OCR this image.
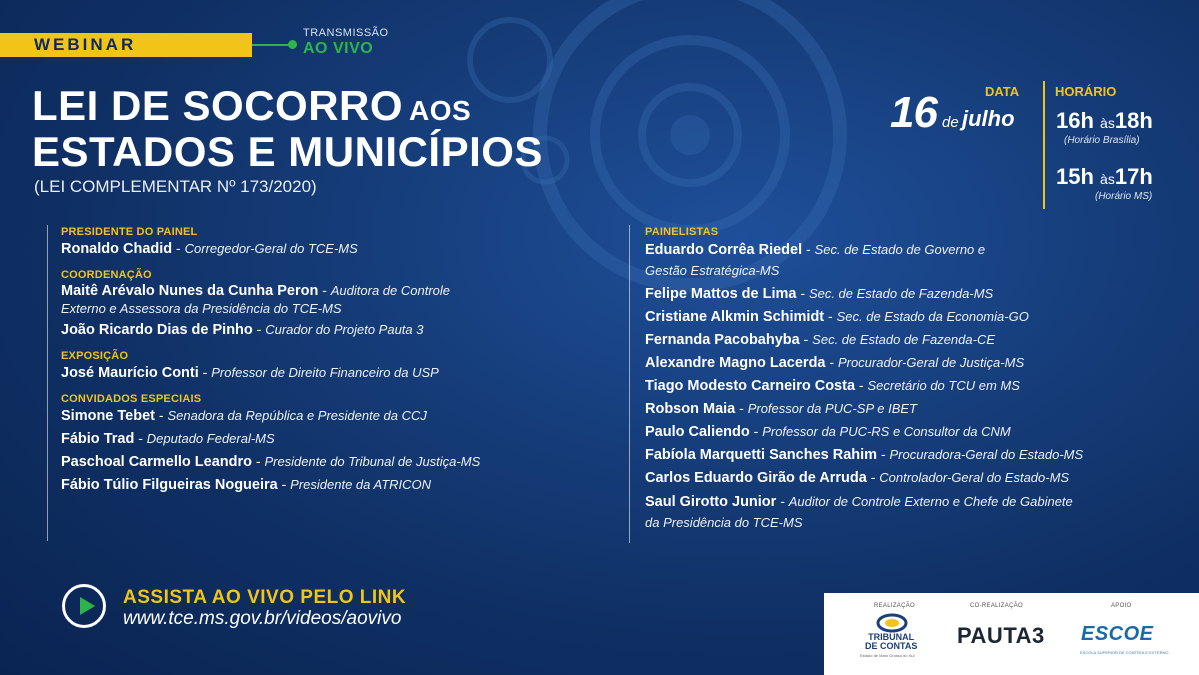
WEBINAR
TRANSMISSÃO
AO VIVO
LEI DE SOCORRO AOS
ESTADOS E MUNICÍPIOS
(LEI COMPLEMENTAR Nº 173/2020)
DATA
16 de julho
HORÁRIO
16h às18h
(Horário Brasília)
15h às17h
(Horário MS)
PRESIDENTE DO PAINEL
Ronaldo Chadid - Corregedor-Geral do TCE-MS
COORDENAÇÃO
Maitê Arévalo Nunes da Cunha Peron - Auditora de Controle
Externo e Assessora da Presidência do TCE-MS
João Ricardo Dias de Pinho - Curador do Projeto Pauta 3
EXPOSIÇÃO
José Maurício Conti - Professor de Direito Financeiro da USP
CONVIDADOS ESPECIAIS
Simone Tebet - Senadora da República e Presidente da CCJ
Fábio Trad - Deputado Federal-MS
Paschoal Carmello Leandro - Presidente do Tribunal de Justiça-MS
Fábio Túlio Filgueiras Nogueira - Presidente da ATRICON
PAINELISTAS
Eduardo Corrêa Riedel - Sec. de Estado de Governo e
Gestão Estratégica-MS
Felipe Mattos de Lima - Sec. de Estado de Fazenda-MS
Cristiane Alkmin Schimidt - Sec. de Estado da Economia-GO
Fernanda Pacobahyba - Sec. de Estado de Fazenda-CE
Alexandre Magno Lacerda - Procurador-Geral de Justiça-MS
Tiago Modesto Carneiro Costa - Secretário do TCU em MS
Robson Maia - Professor da PUC-SP e IBET
Paulo Caliendo - Professor da PUC-RS e Consultor da CNM
Fabíola Marquetti Sanches Rahim - Procuradora-Geral do Estado-MS
Carlos Eduardo Girão de Arruda - Controlador-Geral do Estado-MS
Saul Girotto Junior - Auditor de Controle Externo e Chefe de Gabinete
da Presidência do TCE-MS
ASSISTA AO VIVO PELO LINK
www.tce.ms.gov.br/videos/aovivo
REALIZAÇÃO	CO-REALIZAÇÃO	APOIO
TRIBUNAL
DE CONTAS
Estado de Mato Grosso do Sul
PAUTA3 ESCOE
ESCOLA SUPERIOR DE CONTROLE EXTERNO
